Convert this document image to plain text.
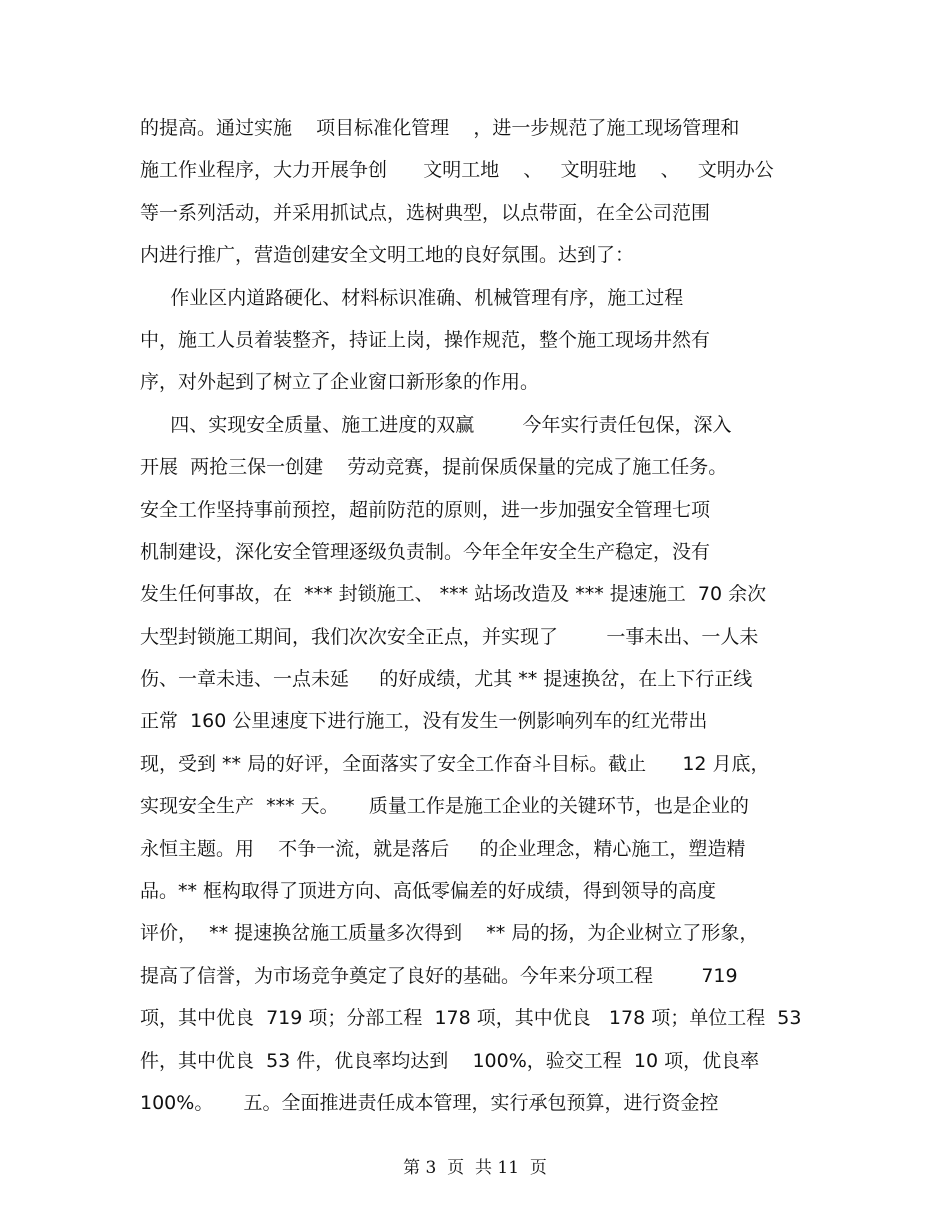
的提高。通过实施    项目标准化管理    ，进一步规范了施工现场管理和
施工作业程序，大力开展争创      文明工地    、   文明驻地    、   文明办公
等一系列活动，并采用抓试点，选树典型，以点带面，在全公司范围
内进行推广，营造创建安全文明工地的良好氛围。达到了：
作业区内道路硬化、材料标识准确、机械管理有序，施工过程
中，施工人员着装整齐，持证上岗，操作规范，整个施工现场井然有
序，对外起到了树立了企业窗口新形象的作用。
四、实现安全质量、施工进度的双赢        今年实行责任包保，深入
开展  两抢三保一创建    劳动竞赛，提前保质保量的完成了施工任务。
安全工作坚持事前预控，超前防范的原则，进一步加强安全管理七项
机制建设，深化安全管理逐级负责制。今年全年安全生产稳定，没有
发生任何事故，在  *** 封锁施工、 *** 站场改造及 *** 提速施工  70 余次
大型封锁施工期间，我们次次安全正点，并实现了        一事未出、一人未
伤、一章未违、一点未延     的好成绩，尤其 ** 提速换岔，在上下行正线
正常  160 公里速度下进行施工，没有发生一例影响列车的红光带出
现，受到 ** 局的好评，全面落实了安全工作奋斗目标。截止      12 月底，
实现安全生产  *** 天。     质量工作是施工企业的关键环节，也是企业的
永恒主题。用    不争一流，就是落后     的企业理念，精心施工，塑造精
品。** 框构取得了顶进方向、高低零偏差的好成绩，得到领导的高度
评价，  ** 提速换岔施工质量多次得到    ** 局的扬，为企业树立了形象，
提高了信誉，为市场竞争奠定了良好的基础。今年来分项工程        719
项，其中优良  719 项；分部工程  178 项，其中优良   178 项；单位工程  53
件，其中优良  53 件，优良率均达到    100%，验交工程  10 项，优良率
100%。     五。全面推进责任成本管理，实行承包预算，进行资金控
第 3  页  共 11  页
